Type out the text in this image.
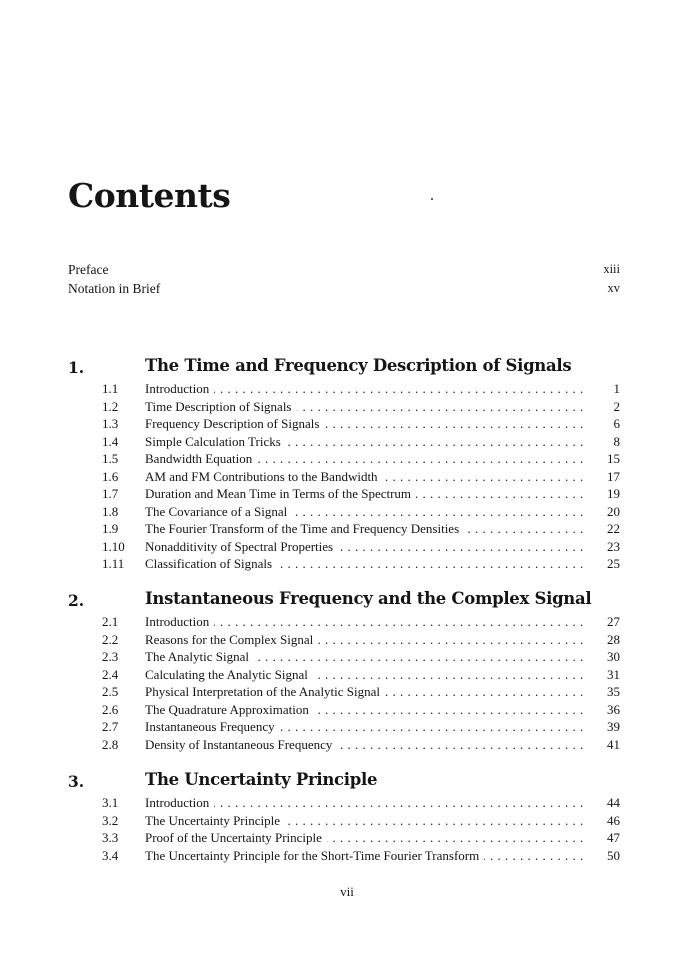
Contents
Preface	xiii
Notation in Brief	xv
1.	The Time and Frequency Description of Signals
1.1 Introduction . . .	1
1.2 Time Description of Signals . . .	2
1.3 Frequency Description of Signals . . .	6
1.4 Simple Calculation Tricks . . .	8
1.5 Bandwidth Equation . . .	15
1.6 AM and FM Contributions to the Bandwidth . . .	17
1.7 Duration and Mean Time in Terms of the Spectrum . . .	19
1.8 The Covariance of a Signal . . .	20
1.9 The Fourier Transform of the Time and Frequency Densities . . .	22
1.10 Nonadditivity of Spectral Properties . . .	23
1.11 Classification of Signals . . .	25
2.	Instantaneous Frequency and the Complex Signal
2.1 Introduction . . .	27
2.2 Reasons for the Complex Signal . . .	28
2.3 The Analytic Signal . . .	30
2.4 Calculating the Analytic Signal . . .	31
2.5 Physical Interpretation of the Analytic Signal . . .	35
2.6 The Quadrature Approximation . . .	36
2.7 Instantaneous Frequency . . .	39
2.8 Density of Instantaneous Frequency . . .	41
3.	The Uncertainty Principle
3.1 Introduction . . .	44
3.2 The Uncertainty Principle . . .	46
3.3 Proof of the Uncertainty Principle . . .	47
3.4 The Uncertainty Principle for the Short-Time Fourier Transform . . .	50
vii
